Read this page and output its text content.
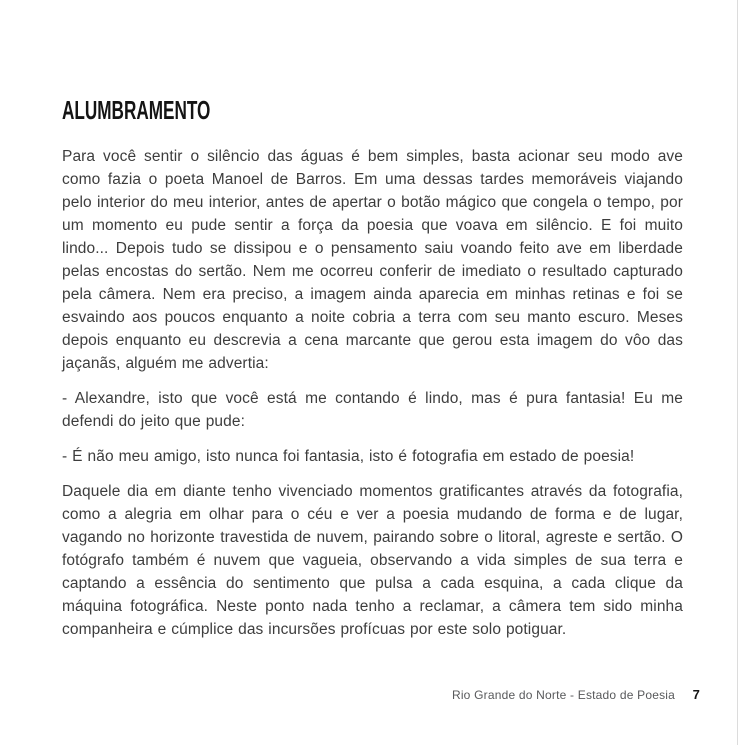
ALUMBRAMENTO

Para você sentir o silêncio das águas é bem simples, basta acionar seu modo ave como fazia o poeta Manoel de Barros. Em uma dessas tardes memoráveis viajando pelo interior do meu interior, antes de apertar o botão mágico que congela o tempo, por um momento eu pude sentir a força da poesia que voava em silêncio. E foi muito lindo... Depois tudo se dissipou e o pensamento saiu voando feito ave em liberdade pelas encostas do sertão. Nem me ocorreu conferir de imediato o resultado capturado pela câmera. Nem era preciso, a imagem ainda aparecia em minhas retinas e foi se esvaindo aos poucos enquanto a noite cobria a terra com seu manto escuro. Meses depois enquanto eu descrevia a cena marcante que gerou esta imagem do vôo das jaçanãs, alguém me advertia:

- Alexandre, isto que você está me contando é lindo, mas é pura fantasia! Eu me defendi do jeito que pude:

- É não meu amigo, isto nunca foi fantasia, isto é fotografia em estado de poesia!

Daquele dia em diante tenho vivenciado momentos gratificantes através da fotografia, como a alegria em olhar para o céu e ver a poesia mudando de forma e de lugar, vagando no horizonte travestida de nuvem, pairando sobre o litoral, agreste e sertão. O fotógrafo também é nuvem que vagueia, observando a vida simples de sua terra e captando a essência do sentimento que pulsa a cada esquina, a cada clique da máquina fotográfica. Neste ponto nada tenho a reclamar, a câmera tem sido minha companheira e cúmplice das incursões profícuas por este solo potiguar.

Rio Grande do Norte - Estado de Poesia 7
